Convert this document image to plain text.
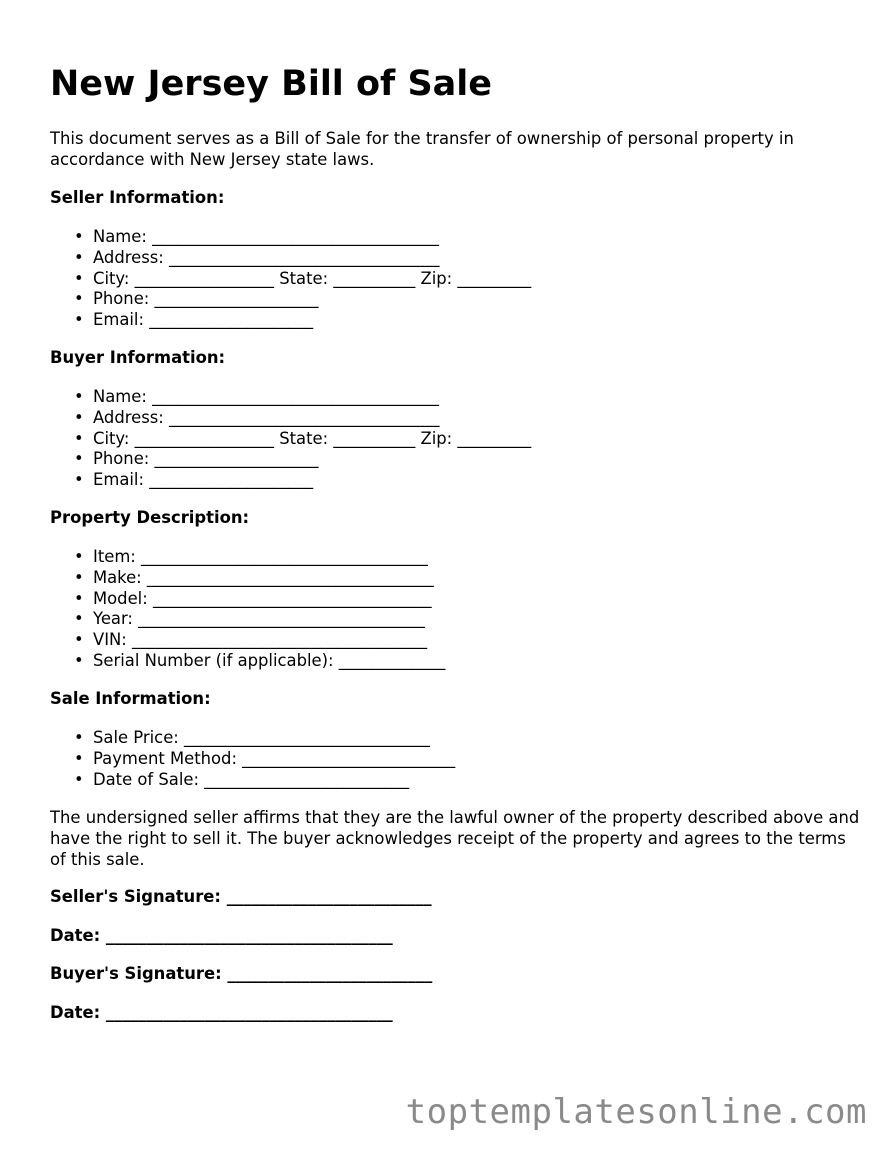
New Jersey Bill of Sale

This document serves as a Bill of Sale for the transfer of ownership of personal property in accordance with New Jersey state laws.

Seller Information:
• Name: ___________________________________
• Address: _________________________________
• City: _________________ State: __________ Zip: _________
• Phone: ____________________
• Email: ____________________
Buyer Information:
• Name: ___________________________________
• Address: _________________________________
• City: _________________ State: __________ Zip: _________
• Phone: ____________________
• Email: ____________________
Property Description:
• Item: ___________________________________
• Make: ___________________________________
• Model: __________________________________
• Year: ___________________________________
• VIN: ____________________________________
• Serial Number (if applicable): _____________
Sale Information:
• Sale Price: ______________________________
• Payment Method: __________________________
• Date of Sale: _________________________

The undersigned seller affirms that they are the lawful owner of the property described above and have the right to sell it. The buyer acknowledges receipt of the property and agrees to the terms of this sale.

Seller's Signature: _________________________
Date: ___________________________________
Buyer's Signature: _________________________
Date: ___________________________________
toptemplatesonline.com
